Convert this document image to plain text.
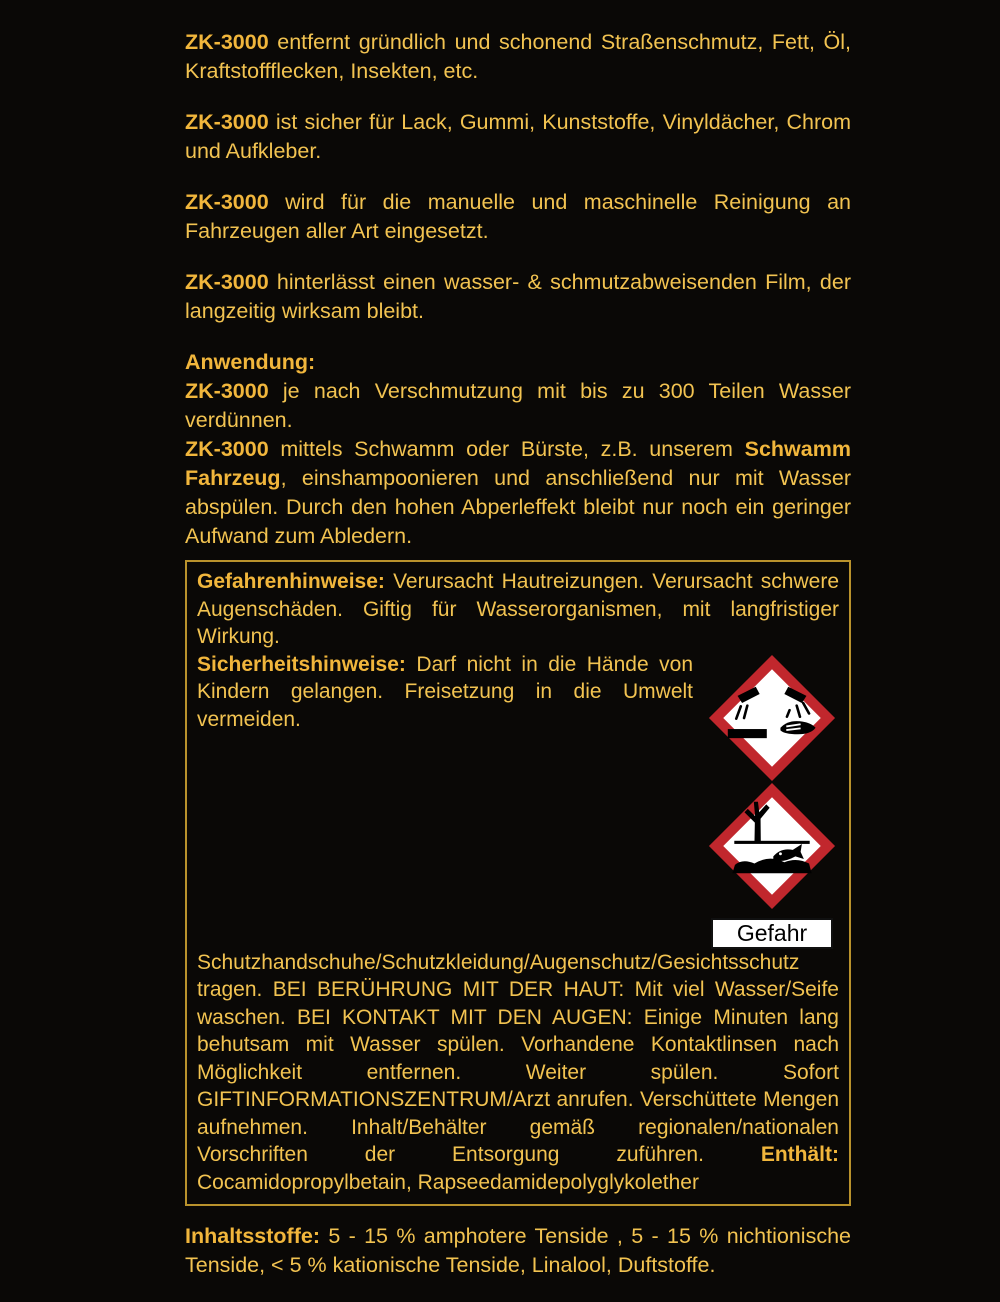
ZK-3000 entfernt gründlich und schonend Straßenschmutz, Fett, Öl, Kraftstoffflecken, Insekten, etc.

ZK-3000 ist sicher für Lack, Gummi, Kunststoffe, Vinyldächer, Chrom und Aufkleber.

ZK-3000 wird für die manuelle und maschinelle Reinigung an Fahrzeugen aller Art eingesetzt.

ZK-3000 hinterlässt einen wasser- & schmutzabweisenden Film, der langzeitig wirksam bleibt.

Anwendung:

ZK-3000 je nach Verschmutzung mit bis zu 300 Teilen Wasser verdünnen.

ZK-3000 mittels Schwamm oder Bürste, z.B. unserem Schwamm Fahrzeug, einshampoonieren und anschließend nur mit Wasser abspülen. Durch den hohen Abperleffekt bleibt nur noch ein geringer Aufwand zum Abledern.

Gefahrenhinweise: Verursacht Hautreizungen. Verursacht schwere Augenschäden. Giftig für Wasserorganismen, mit langfristiger Wirkung.

Gefahr
Sicherheitshinweise: Darf nicht in die Hände von Kindern gelangen. Freisetzung in die Umwelt vermeiden. Schutzhandschuhe/Schutzkleidung/Augenschutz/Gesichtsschutz tragen. BEI BERÜHRUNG MIT DER HAUT: Mit viel Wasser/Seife waschen. BEI KONTAKT MIT DEN AUGEN: Einige Minuten lang behutsam mit Wasser spülen. Vorhandene Kontaktlinsen nach Möglichkeit entfernen. Weiter spülen. Sofort GIFTINFORMATIONSZENTRUM/Arzt anrufen. Verschüttete Mengen aufnehmen. Inhalt/Behälter gemäß regionalen/nationalen Vorschriften der Entsorgung zuführen.	Enthält: Cocamidopropylbetain, Rapseedamidepolyglykolether

Inhaltsstoffe: 5 - 15 % amphotere Tenside , 5 - 15 % nichtionische Tenside, < 5 % kationische Tenside, Linalool, Duftstoffe.
